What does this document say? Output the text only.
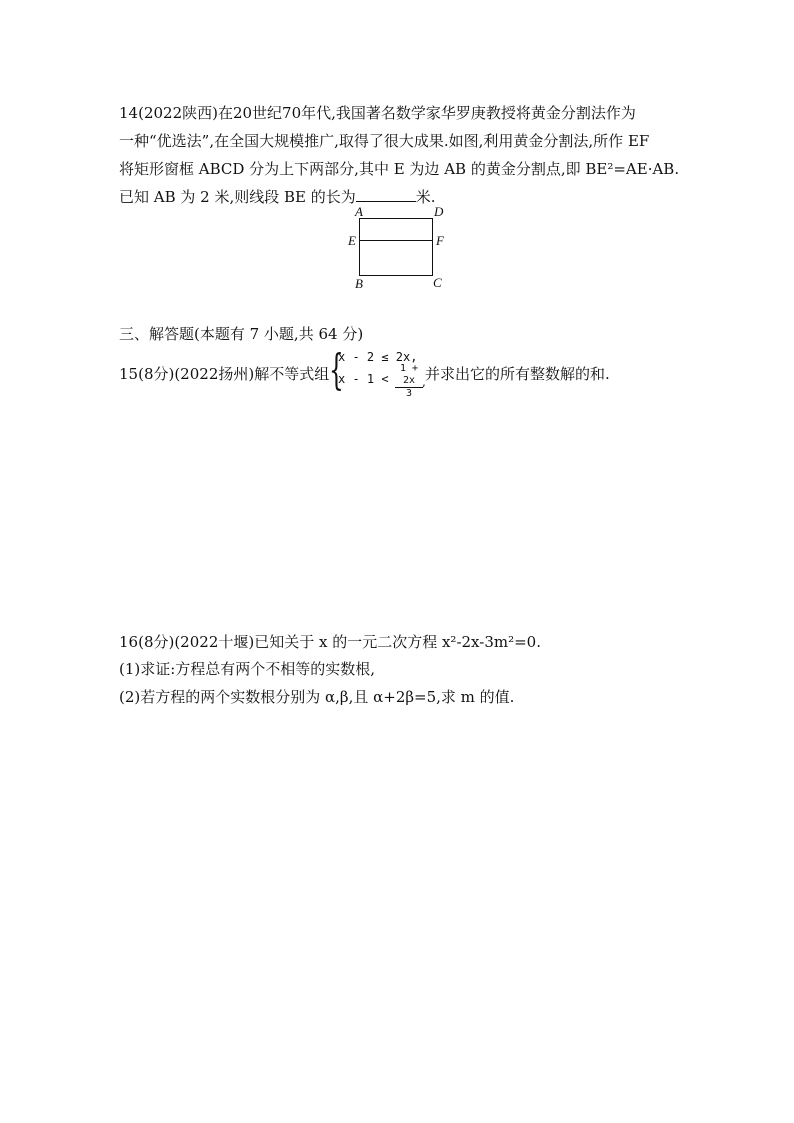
14(2022陕西)在20世纪70年代,我国著名数学家华罗庚教授将黄金分割法作为
一种“优选法”,在全国大规模推广,取得了很大成果.如图,利用黄金分割法,所作 EF
将矩形窗框 ABCD 分为上下两部分,其中 E 为边 AB 的黄金分割点,即 BE²=AE·AB.
已知 AB 为 2 米,则线段 BE 的长为	米.
A	D
E	F
B	C
三、解答题(本题有 7 小题,共 64 分)
15(8分)(2022扬州)解不等式组 {
x - 2 ≤ 2x,
$x - 1 < \frac{1 + 2x}{3}$ , 并求出它的所有整数解的和.
16(8分)(2022十堰)已知关于 x 的一元二次方程 x²-2x-3m²=0.
(1)求证:方程总有两个不相等的实数根,
(2)若方程的两个实数根分别为 α,β,且 α+2β=5,求 m 的值.
